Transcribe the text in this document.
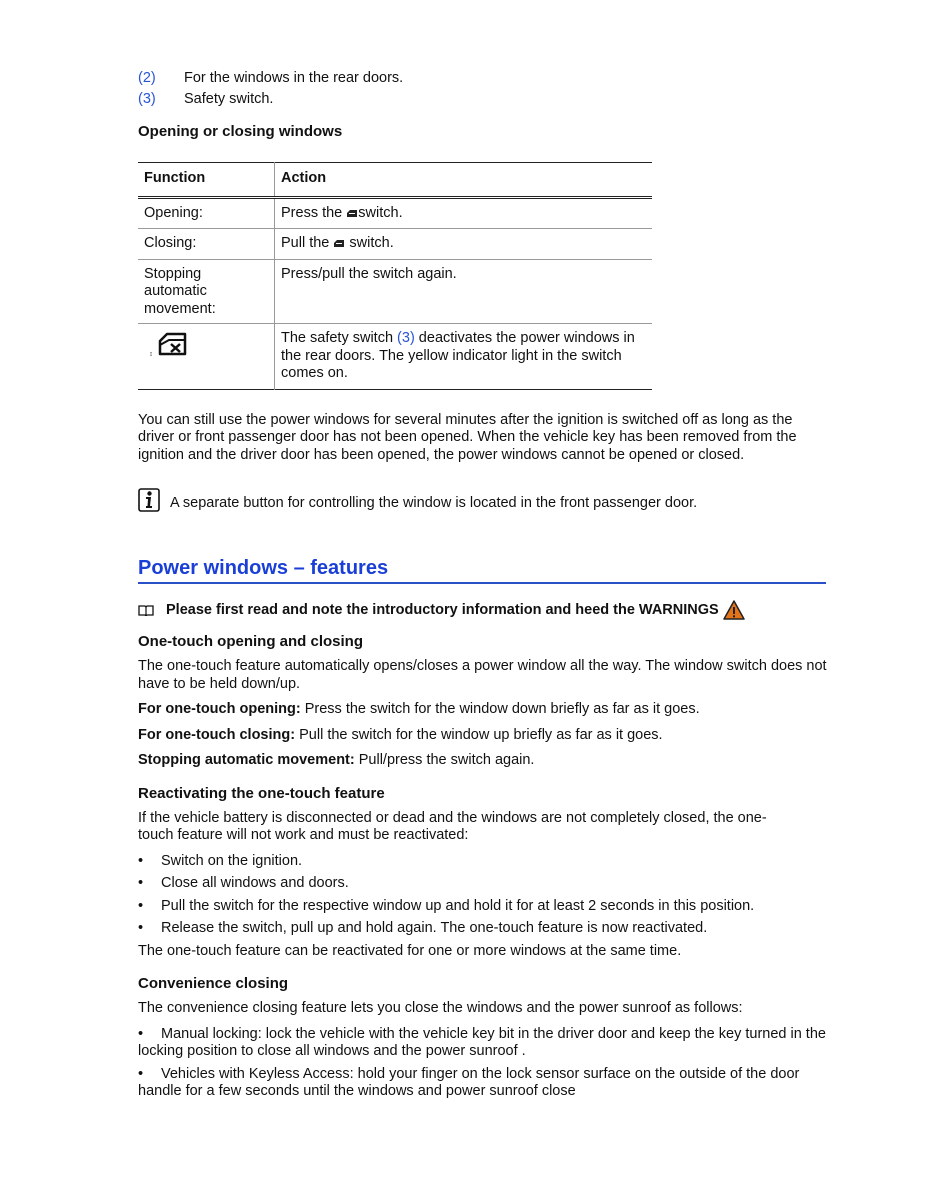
(2)	For the windows in the rear doors.
(3)	Safety switch.
Opening or closing windows
Function	Action
Opening:	Press the switch.
Closing:	Pull the  switch.
Stopping automatic movement:	Press/pull the switch again.
	The safety switch (3) deactivates the power windows in the rear doors. The yellow indicator light in the switch comes on.

You can still use the power windows for several minutes after the ignition is switched off as long as the driver or front passenger door has not been opened. When the vehicle key has been removed from the ignition and the driver door has been opened, the power windows cannot be opened or closed.

A separate button for controlling the window is located in the front passenger door.
Power windows – features
Please first read and note the introductory information and heed the WARNINGS
One-touch opening and closing

The one-touch feature automatically opens/closes a power window all the way. The window switch does not have to be held down/up.

For one-touch opening: Press the switch for the window down briefly as far as it goes.

For one-touch closing: Pull the switch for the window up briefly as far as it goes.

Stopping automatic movement: Pull/press the switch again.

Reactivating the one-touch feature

If the vehicle battery is disconnected or dead and the windows are not completely closed, the one-touch feature will not work and must be reactivated:

• Switch on the ignition.
• Close all windows and doors.
• Pull the switch for the respective window up and hold it for at least 2 seconds in this position.
• Release the switch, pull up and hold again. The one-touch feature is now reactivated.

The one-touch feature can be reactivated for one or more windows at the same time.

Convenience closing

The convenience closing feature lets you close the windows and the power sunroof as follows:

• Manual locking: lock the vehicle with the vehicle key bit in the driver door and keep the key turned in the locking position to close all windows and the power sunroof .

• Vehicles with Keyless Access: hold your finger on the lock sensor surface on the outside of the door handle for a few seconds until the windows and power sunroof close
